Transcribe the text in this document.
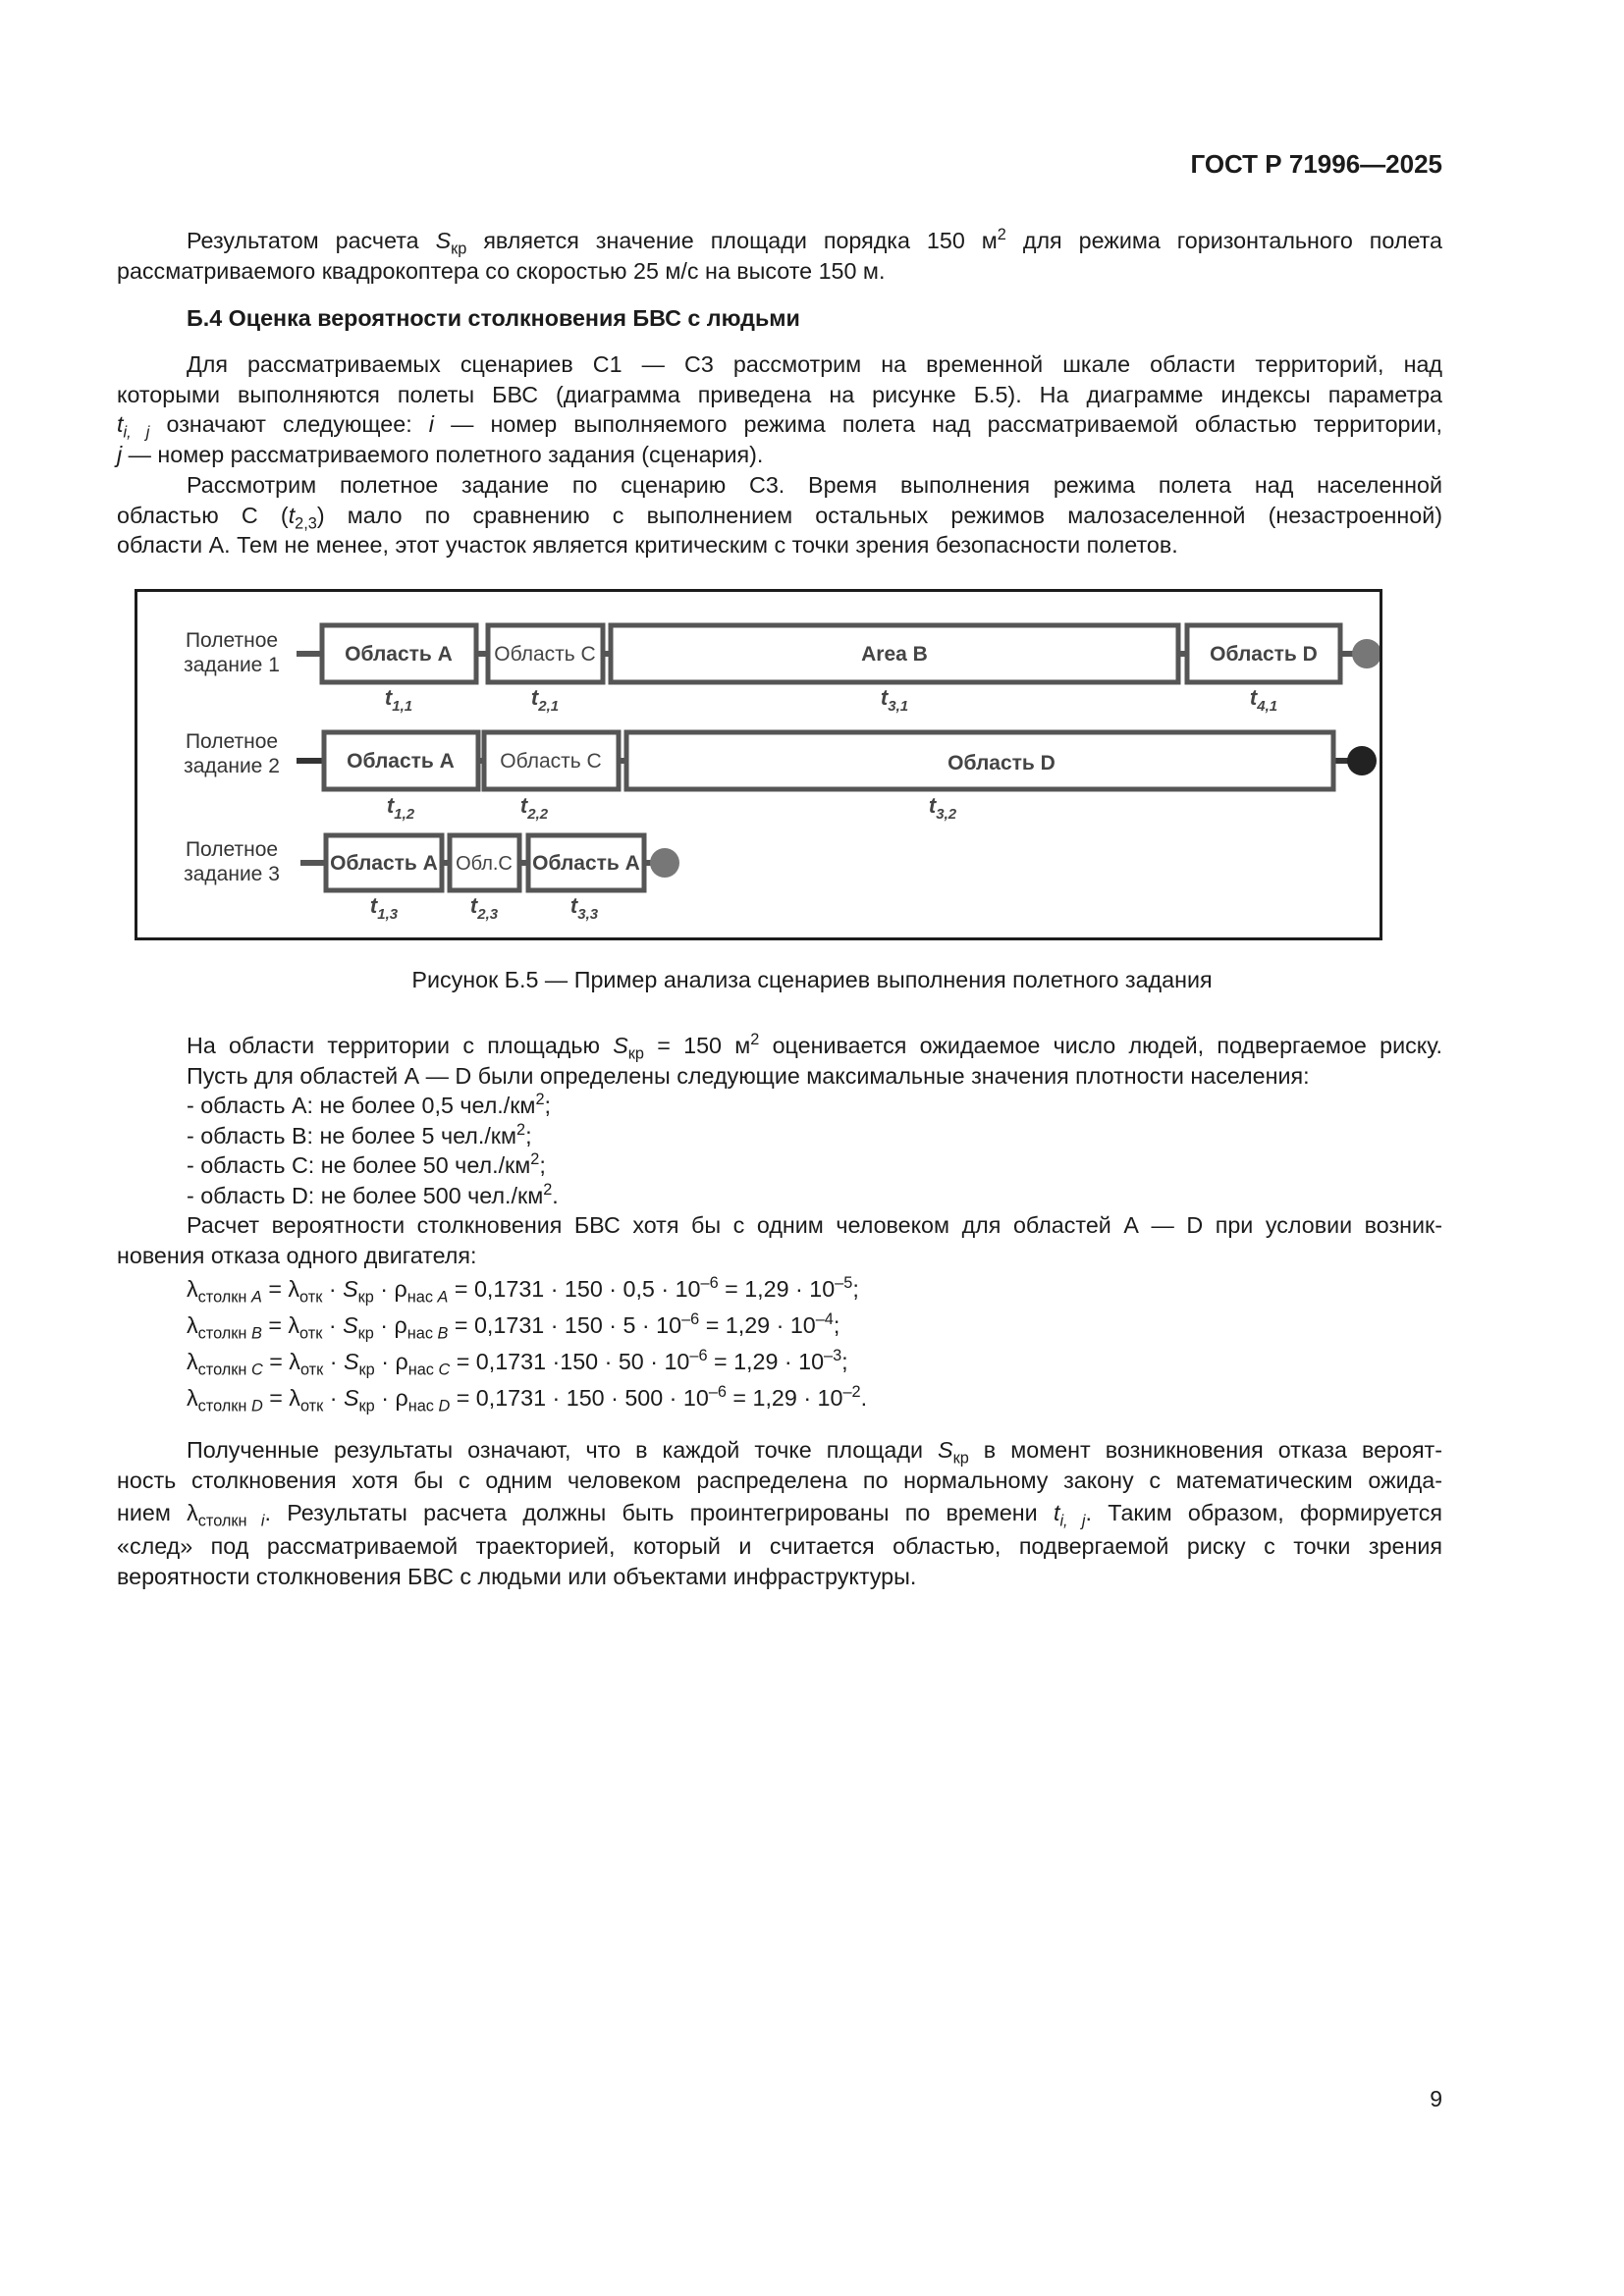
ГОСТ Р 71996—2025

Результатом расчета $S_{кр}$ является значение площади порядка 150 $м^2$ для режима горизонтального полета
рассматриваемого квадрокоптера со скоростью 25 м/с на высоте 150 м.

Б.4 Оценка вероятности столкновения БВС с людьми

Для рассматриваемых сценариев С1 — С3 рассмотрим на временной шкале области территорий, над
которыми выполняются полеты БВС (диаграмма приведена на рисунке Б.5). На диаграмме индексы параметра
$t_{i, j}$ означают следующее: i — номер выполняемого режима полета над рассматриваемой областью территории,
j — номер рассматриваемого полетного задания (сценария).

Рассмотрим полетное задание по сценарию С3. Время выполнения режима полета над населенной
областью С $(t_{2,3})$ мало по сравнению с выполнением остальных режимов малозаселенной (незастроенной)
области А. Тем не менее, этот участок является критическим с точки зрения безопасности полетов.

Полетное
задание 1	Область А Область С	Area B	Область D
$t_{1,1}$	$t_{2,1}$	$t_{3,1}$	$t_{4,1}$
Полетное
задание 2	Область А Область С	Область D
$t_{1,2}$	$t_{2,2}$	$t_{3,2}$
Полетное
задание 3 Область А Обл.С Область А
$t_{1,3}$	$t_{2,3}$	$t_{3,3}$
Рисунок Б.5 — Пример анализа сценариев выполнения полетного задания

На области территории с площадью $S_{кр} = 150$ $м^2$ оценивается ожидаемое число людей, подвергаемое риску.
Пусть для областей А — D были определены следующие максимальные значения плотности населения:

- область A: не более 0,5 $чел./км^2$;
- область B: не более 5 $чел./км^2$;
- область C: не более 50 $чел./км^2$;
- область D: не более 500 $чел./км^2$.

Расчет вероятности столкновения БВС хотя бы с одним человеком для областей А — D при условии возник-
новения отказа одного двигателя:

$\lambda_{столкн A} = \lambda_{отк} \cdot S_{кр} \cdot \rho_{нас A} = 0,1731 \cdot 150 \cdot 0,5 \cdot 10^{-6} = 1,29 \cdot 10^{-5}$;
$\lambda_{столкн B} = \lambda_{отк} \cdot S_{кр} \cdot \rho_{нас B} = 0,1731 \cdot 150 \cdot 5 \cdot 10^{-6} = 1,29 \cdot 10^{-4}$;
$\lambda_{столкн C} = \lambda_{отк} \cdot S_{кр} \cdot \rho_{нас C} = 0,1731 \cdot 150 \cdot 50 \cdot 10^{-6} = 1,29 \cdot 10^{-3}$;
$\lambda_{столкн D} = \lambda_{отк} \cdot S_{кр} \cdot \rho_{нас D} = 0,1731 \cdot 150 \cdot 500 \cdot 10^{-6} = 1,29 \cdot 10^{-2}$.

Полученные результаты означают, что в каждой точке площади $S_{кр}$ в момент возникновения отказа вероят-
ность столкновения хотя бы с одним человеком распределена по нормальному закону с математическим ожида-
нием $\lambda_{столкн i}$. Результаты расчета должны быть проинтегрированы по времени $t_{i, j}$. Таким образом, формируется
«след» под рассматриваемой траекторией, который и считается областью, подвергаемой риску с точки зрения
вероятности столкновения БВС с людьми или объектами инфраструктуры.

9
